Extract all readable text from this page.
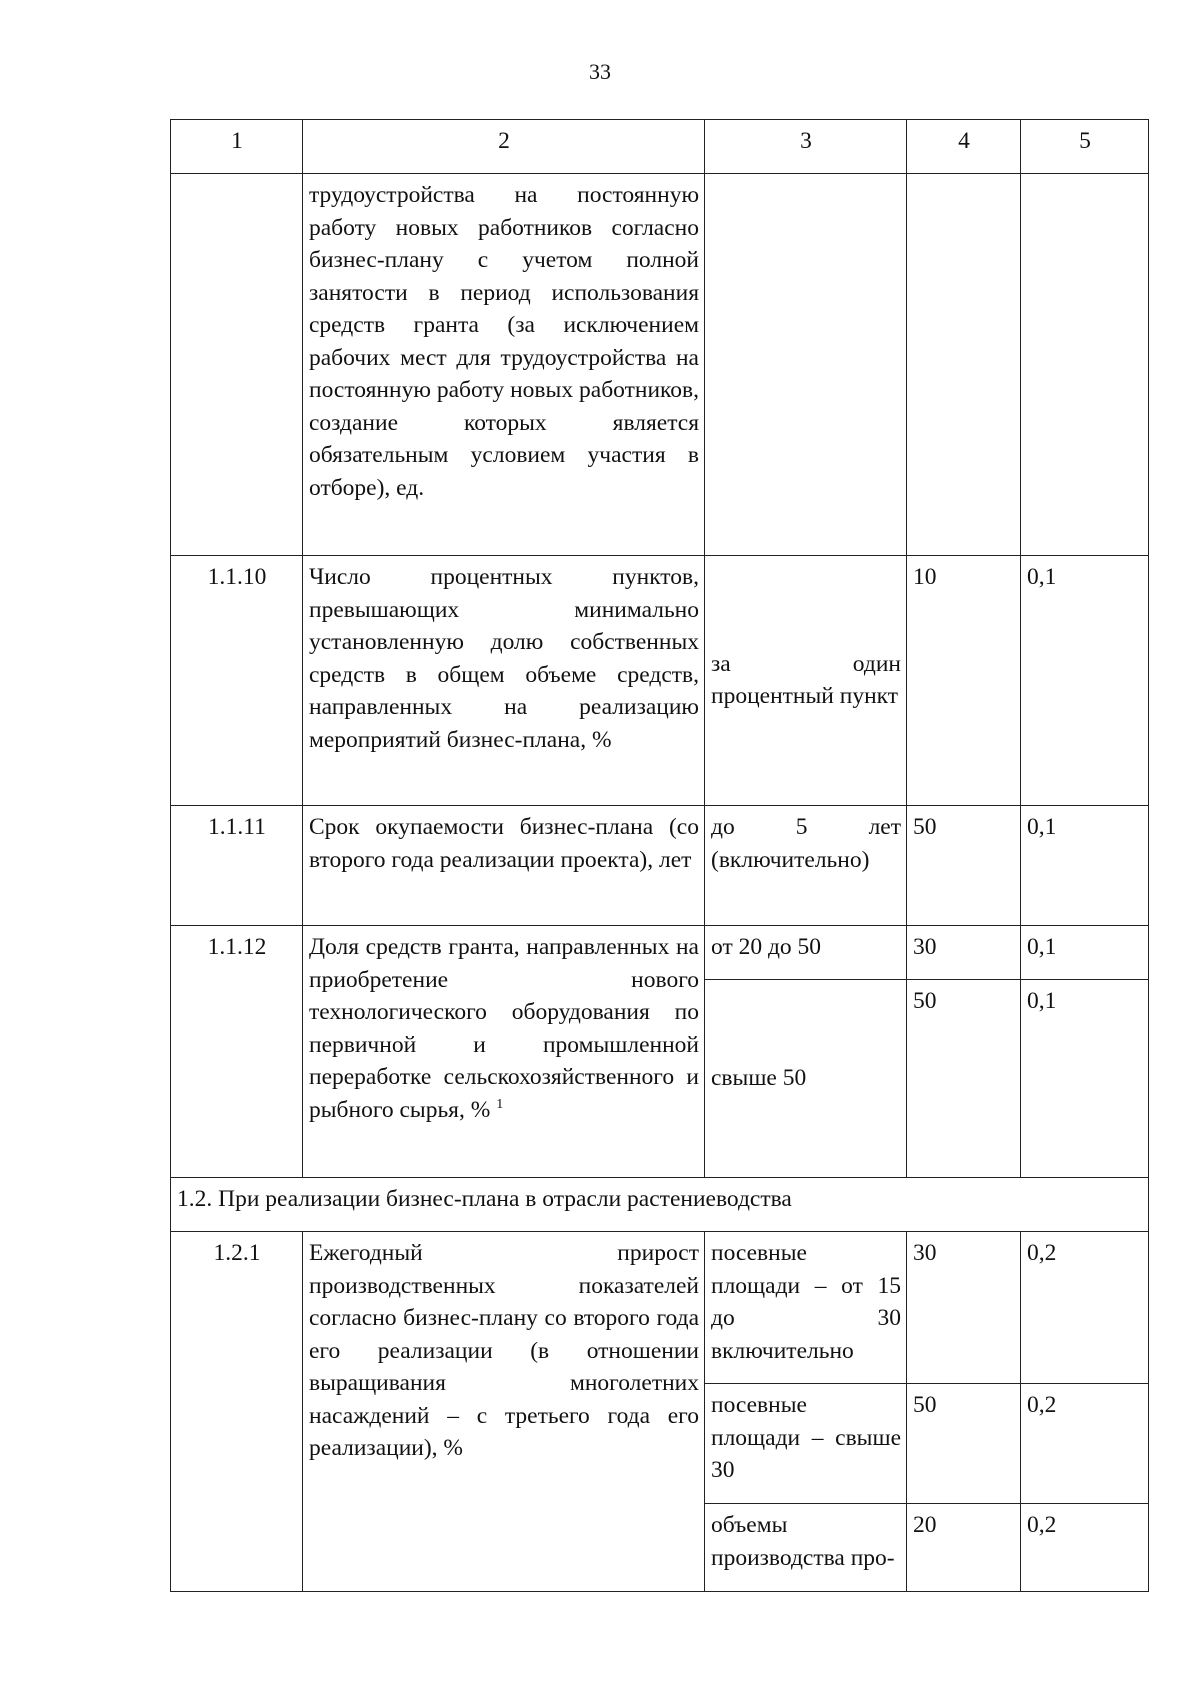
33
1	2	3	4	5
	трудоустройства на постоянную работу новых работников согласно бизнес-плану с учетом полной занятости в период использования средств гранта (за исключением рабочих мест для трудоустройства на постоянную работу новых работников, создание которых является обязательным условием участия в отборе), ед.			
1.1.10	Число процентных пунктов, превышающих минимально установленную долю собственных средств в общем объеме средств, направленных на реализацию мероприятий бизнес-плана, %	за один процентный пункт	10	0,1
1.1.11	Срок окупаемости бизнес-плана (со второго года реализации проекта), лет	до 5 лет (включительно)	50	0,1
1.1.12	Доля средств гранта, направленных на приобретение нового технологического оборудования по первичной и промышленной переработке сельскохозяйственного и рыбного сырья, % $^1$	от 20 до 50	30	0,1
		свыше 50	50	0,1
1.2. При реализации бизнес-плана в отрасли растениеводства				
1.2.1	Ежегодный прирост производственных показателей согласно бизнес-плану со второго года его реализации (в отношении выращивания многолетних насаждений – с третьего года его реализации), %	посевные площади – от 15 до 30 включительно	30	0,2
		посевные площади – свыше 30	50	0,2
		объемы производства про-	20	0,2
